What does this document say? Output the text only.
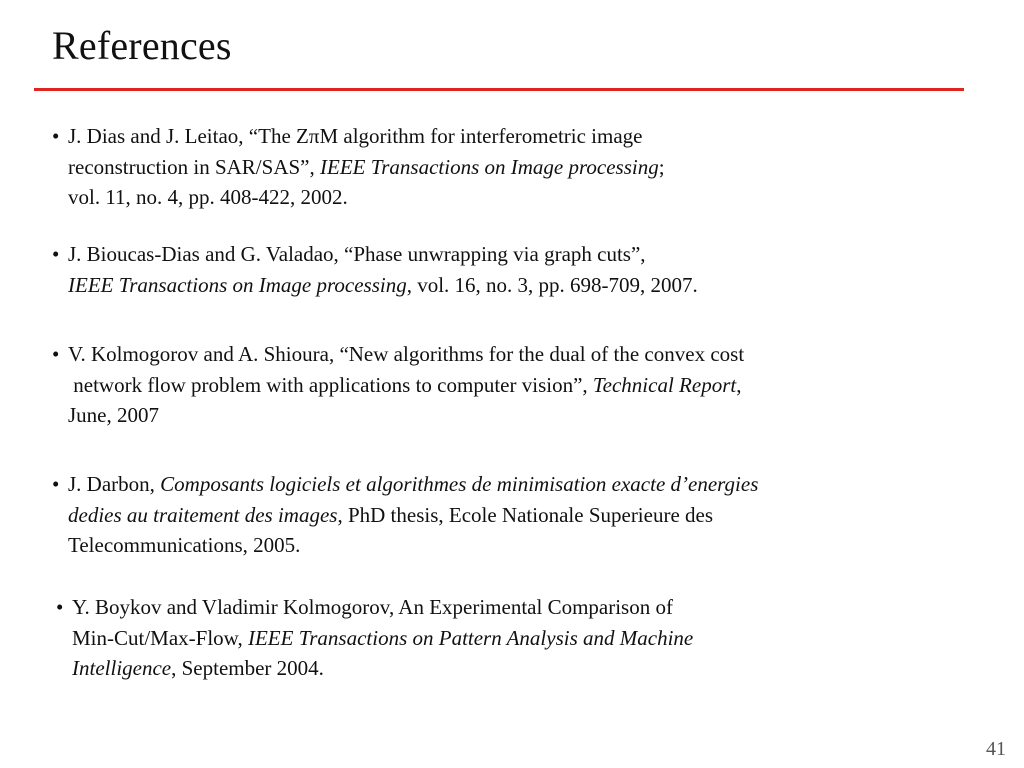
References
• J. Dias and J. Leitao, “The ZπM algorithm for interferometric image
reconstruction in SAR/SAS”, IEEE Transactions on Image processing;
vol. 11, no. 4, pp. 408-422, 2002.
• J. Bioucas-Dias and G. Valadao, “Phase unwrapping via graph cuts”,
IEEE Transactions on Image processing, vol. 16, no. 3, pp. 698-709, 2007.
• V. Kolmogorov and A. Shioura, “New algorithms for the dual of the convex cost
network flow problem with applications to computer vision”, Technical Report,
June, 2007
• J. Darbon, Composants logiciels et algorithmes de minimisation exacte d’energies
dedies au traitement des images, PhD thesis, Ecole Nationale Superieure des
Telecommunications, 2005.
• Y. Boykov and Vladimir Kolmogorov, An Experimental Comparison of
Min-Cut/Max-Flow, IEEE Transactions on Pattern Analysis and Machine
Intelligence, September 2004.
41
